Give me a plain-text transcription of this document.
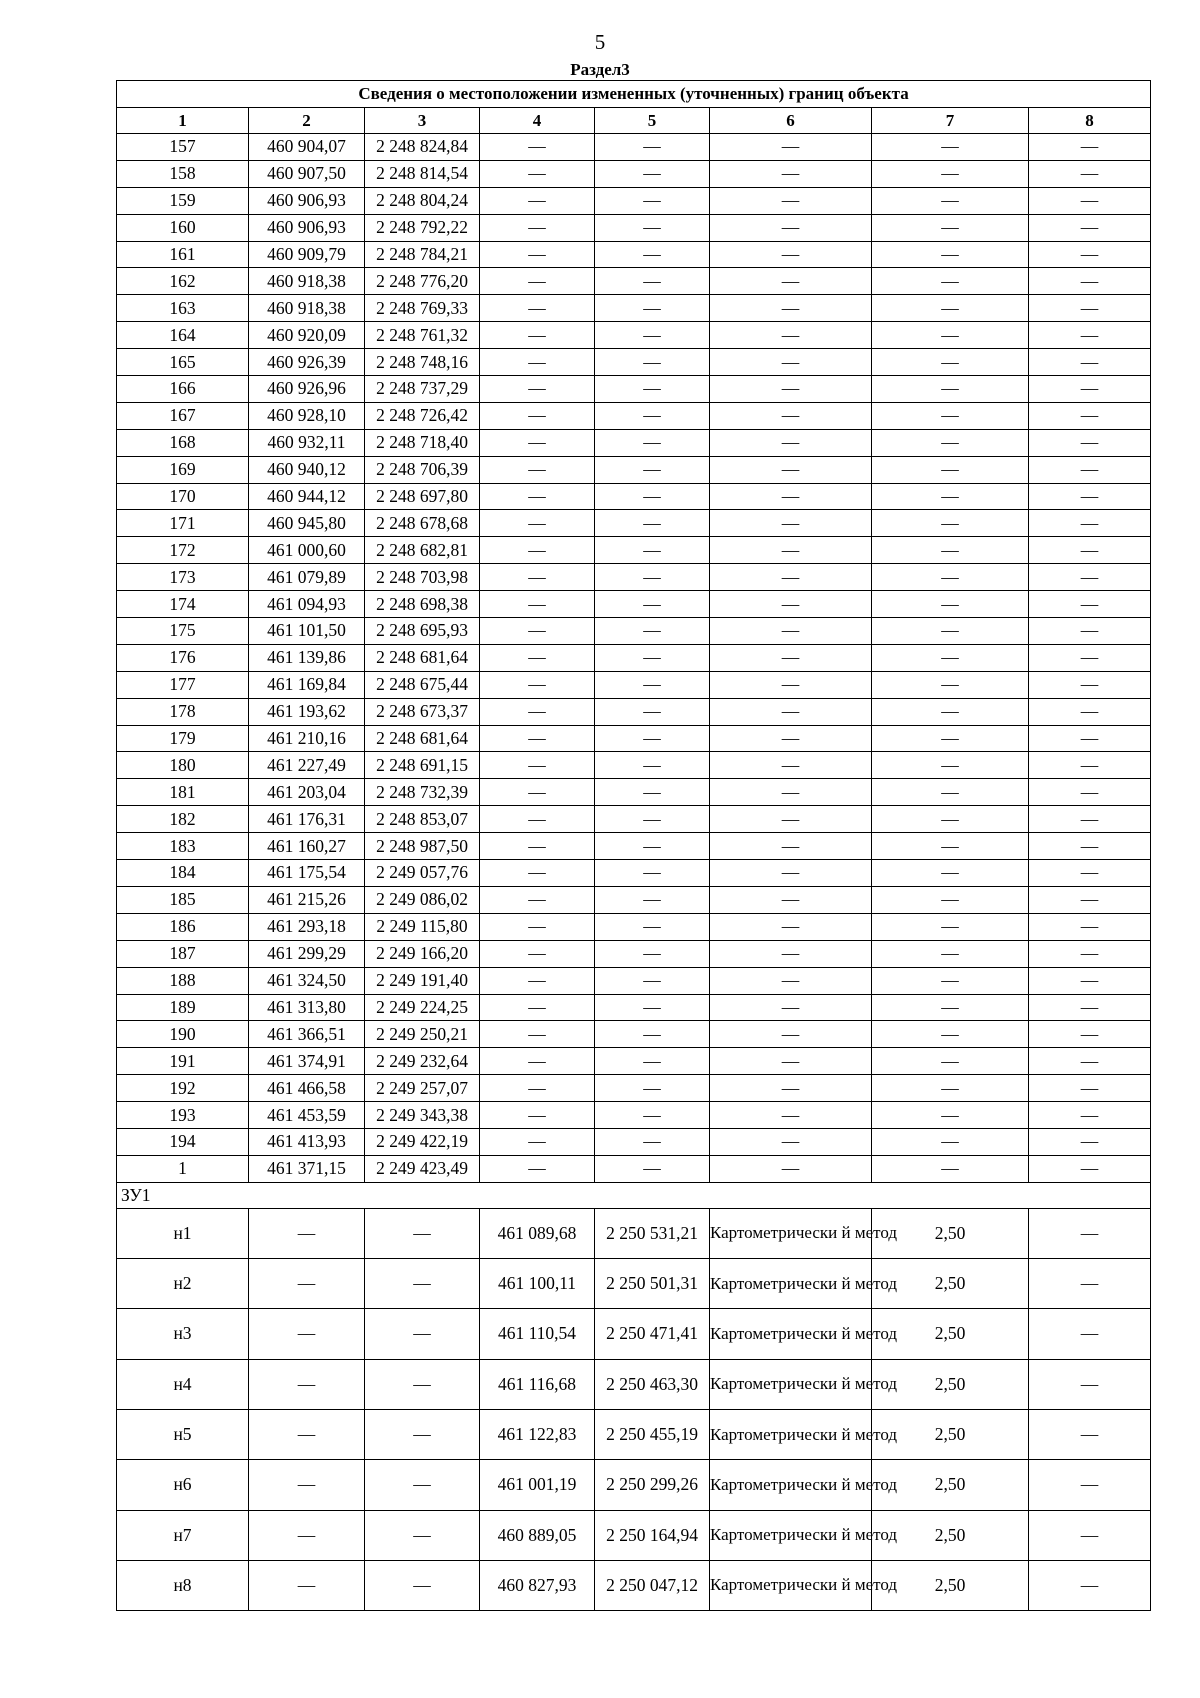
5
Раздел3
Сведения о местоположении измененных (уточненных) границ объекта							
1	2	3	4	5	6	7	8
157	460 904,07	2 248 824,84	—	—	—	—	—
158	460 907,50	2 248 814,54	—	—	—	—	—
159	460 906,93	2 248 804,24	—	—	—	—	—
160	460 906,93	2 248 792,22	—	—	—	—	—
161	460 909,79	2 248 784,21	—	—	—	—	—
162	460 918,38	2 248 776,20	—	—	—	—	—
163	460 918,38	2 248 769,33	—	—	—	—	—
164	460 920,09	2 248 761,32	—	—	—	—	—
165	460 926,39	2 248 748,16	—	—	—	—	—
166	460 926,96	2 248 737,29	—	—	—	—	—
167	460 928,10	2 248 726,42	—	—	—	—	—
168	460 932,11	2 248 718,40	—	—	—	—	—
169	460 940,12	2 248 706,39	—	—	—	—	—
170	460 944,12	2 248 697,80	—	—	—	—	—
171	460 945,80	2 248 678,68	—	—	—	—	—
172	461 000,60	2 248 682,81	—	—	—	—	—
173	461 079,89	2 248 703,98	—	—	—	—	—
174	461 094,93	2 248 698,38	—	—	—	—	—
175	461 101,50	2 248 695,93	—	—	—	—	—
176	461 139,86	2 248 681,64	—	—	—	—	—
177	461 169,84	2 248 675,44	—	—	—	—	—
178	461 193,62	2 248 673,37	—	—	—	—	—
179	461 210,16	2 248 681,64	—	—	—	—	—
180	461 227,49	2 248 691,15	—	—	—	—	—
181	461 203,04	2 248 732,39	—	—	—	—	—
182	461 176,31	2 248 853,07	—	—	—	—	—
183	461 160,27	2 248 987,50	—	—	—	—	—
184	461 175,54	2 249 057,76	—	—	—	—	—
185	461 215,26	2 249 086,02	—	—	—	—	—
186	461 293,18	2 249 115,80	—	—	—	—	—
187	461 299,29	2 249 166,20	—	—	—	—	—
188	461 324,50	2 249 191,40	—	—	—	—	—
189	461 313,80	2 249 224,25	—	—	—	—	—
190	461 366,51	2 249 250,21	—	—	—	—	—
191	461 374,91	2 249 232,64	—	—	—	—	—
192	461 466,58	2 249 257,07	—	—	—	—	—
193	461 453,59	2 249 343,38	—	—	—	—	—
194	461 413,93	2 249 422,19	—	—	—	—	—
1	461 371,15	2 249 423,49	—	—	—	—	—
ЗУ1							
н1	—	—	461 089,68	2 250 531,21	Картометрически й метод	2,50	—
н2	—	—	461 100,11	2 250 501,31	Картометрически й метод	2,50	—
н3	—	—	461 110,54	2 250 471,41	Картометрически й метод	2,50	—
н4	—	—	461 116,68	2 250 463,30	Картометрически й метод	2,50	—
н5	—	—	461 122,83	2 250 455,19	Картометрически й метод	2,50	—
н6	—	—	461 001,19	2 250 299,26	Картометрически й метод	2,50	—
н7	—	—	460 889,05	2 250 164,94	Картометрически й метод	2,50	—
н8	—	—	460 827,93	2 250 047,12	Картометрически й метод	2,50	—
